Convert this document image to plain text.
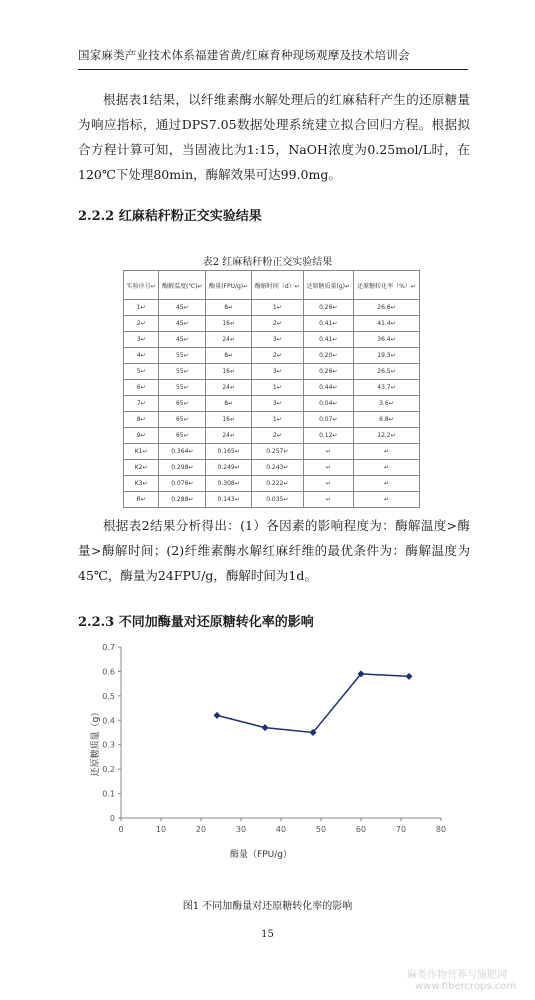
国家麻类产业技术体系福建省黄/红麻育种现场观摩及技术培训会
根据表1结果，以纤维素酶水解处理后的红麻秸秆产生的还原糖量为响应指标，通过DPS7.05数据处理系统建立拟合回归方程。根据拟合方程计算可知，当固液比为1:15，NaOH浓度为0.25mol/L时，在120℃下处理80min，酶解效果可达99.0mg。
2.2.2 红麻秸秆粉正交实验结果
表2 红麻秸秆粉正交实验结果
实验序号↵	酶解温度(℃)↵	酶量(FPU/g)↵	酶解时间（d）↵	还原糖质量(g)↵	还原糖转化率（%）↵
1↵	45↵	8↵	1↵	0.26↵	26.6↵
2↵	45↵	16↵	2↵	0.41↵	41.4↵
3↵	45↵	24↵	3↵	0.41↵	36.4↵
4↵	55↵	8↵	2↵	0.20↵	19.3↵
5↵	55↵	16↵	3↵	0.26↵	26.5↵
6↵	55↵	24↵	1↵	0.44↵	43.7↵
7↵	65↵	8↵	3↵	0.04↵	3.6↵
8↵	65↵	16↵	1↵	0.07↵	6.8↵
9↵	65↵	24↵	2↵	0.12↵	12.2↵
K1↵	0.364↵	0.165↵	0.257↵	↵	↵
K2↵	0.298↵	0.249↵	0.243↵	↵	↵
K3↵	0.076↵	0.308↵	0.222↵	↵	↵
R↵	0.288↵	0.143↵	0.035↵	↵	↵
根据表2结果分析得出：(1）各因素的影响程度为：酶解温度>酶量>酶解时间；(2)纤维素酶水解红麻纤维的最优条件为：酶解温度为45℃，酶量为24FPU/g，酶解时间为1d。
2.2.3 不同加酶量对还原糖转化率的影响
0	10	20	30	40	50	60	70	80
0
0.1
0.2
0.3
0.4
0.5
0.6
0.7
酶量（FPU/g）
还原糖质量（g）
图1 不同加酶量对还原糖转化率的影响
15
麻类作物营养与施肥网
www.fibercrops.com
